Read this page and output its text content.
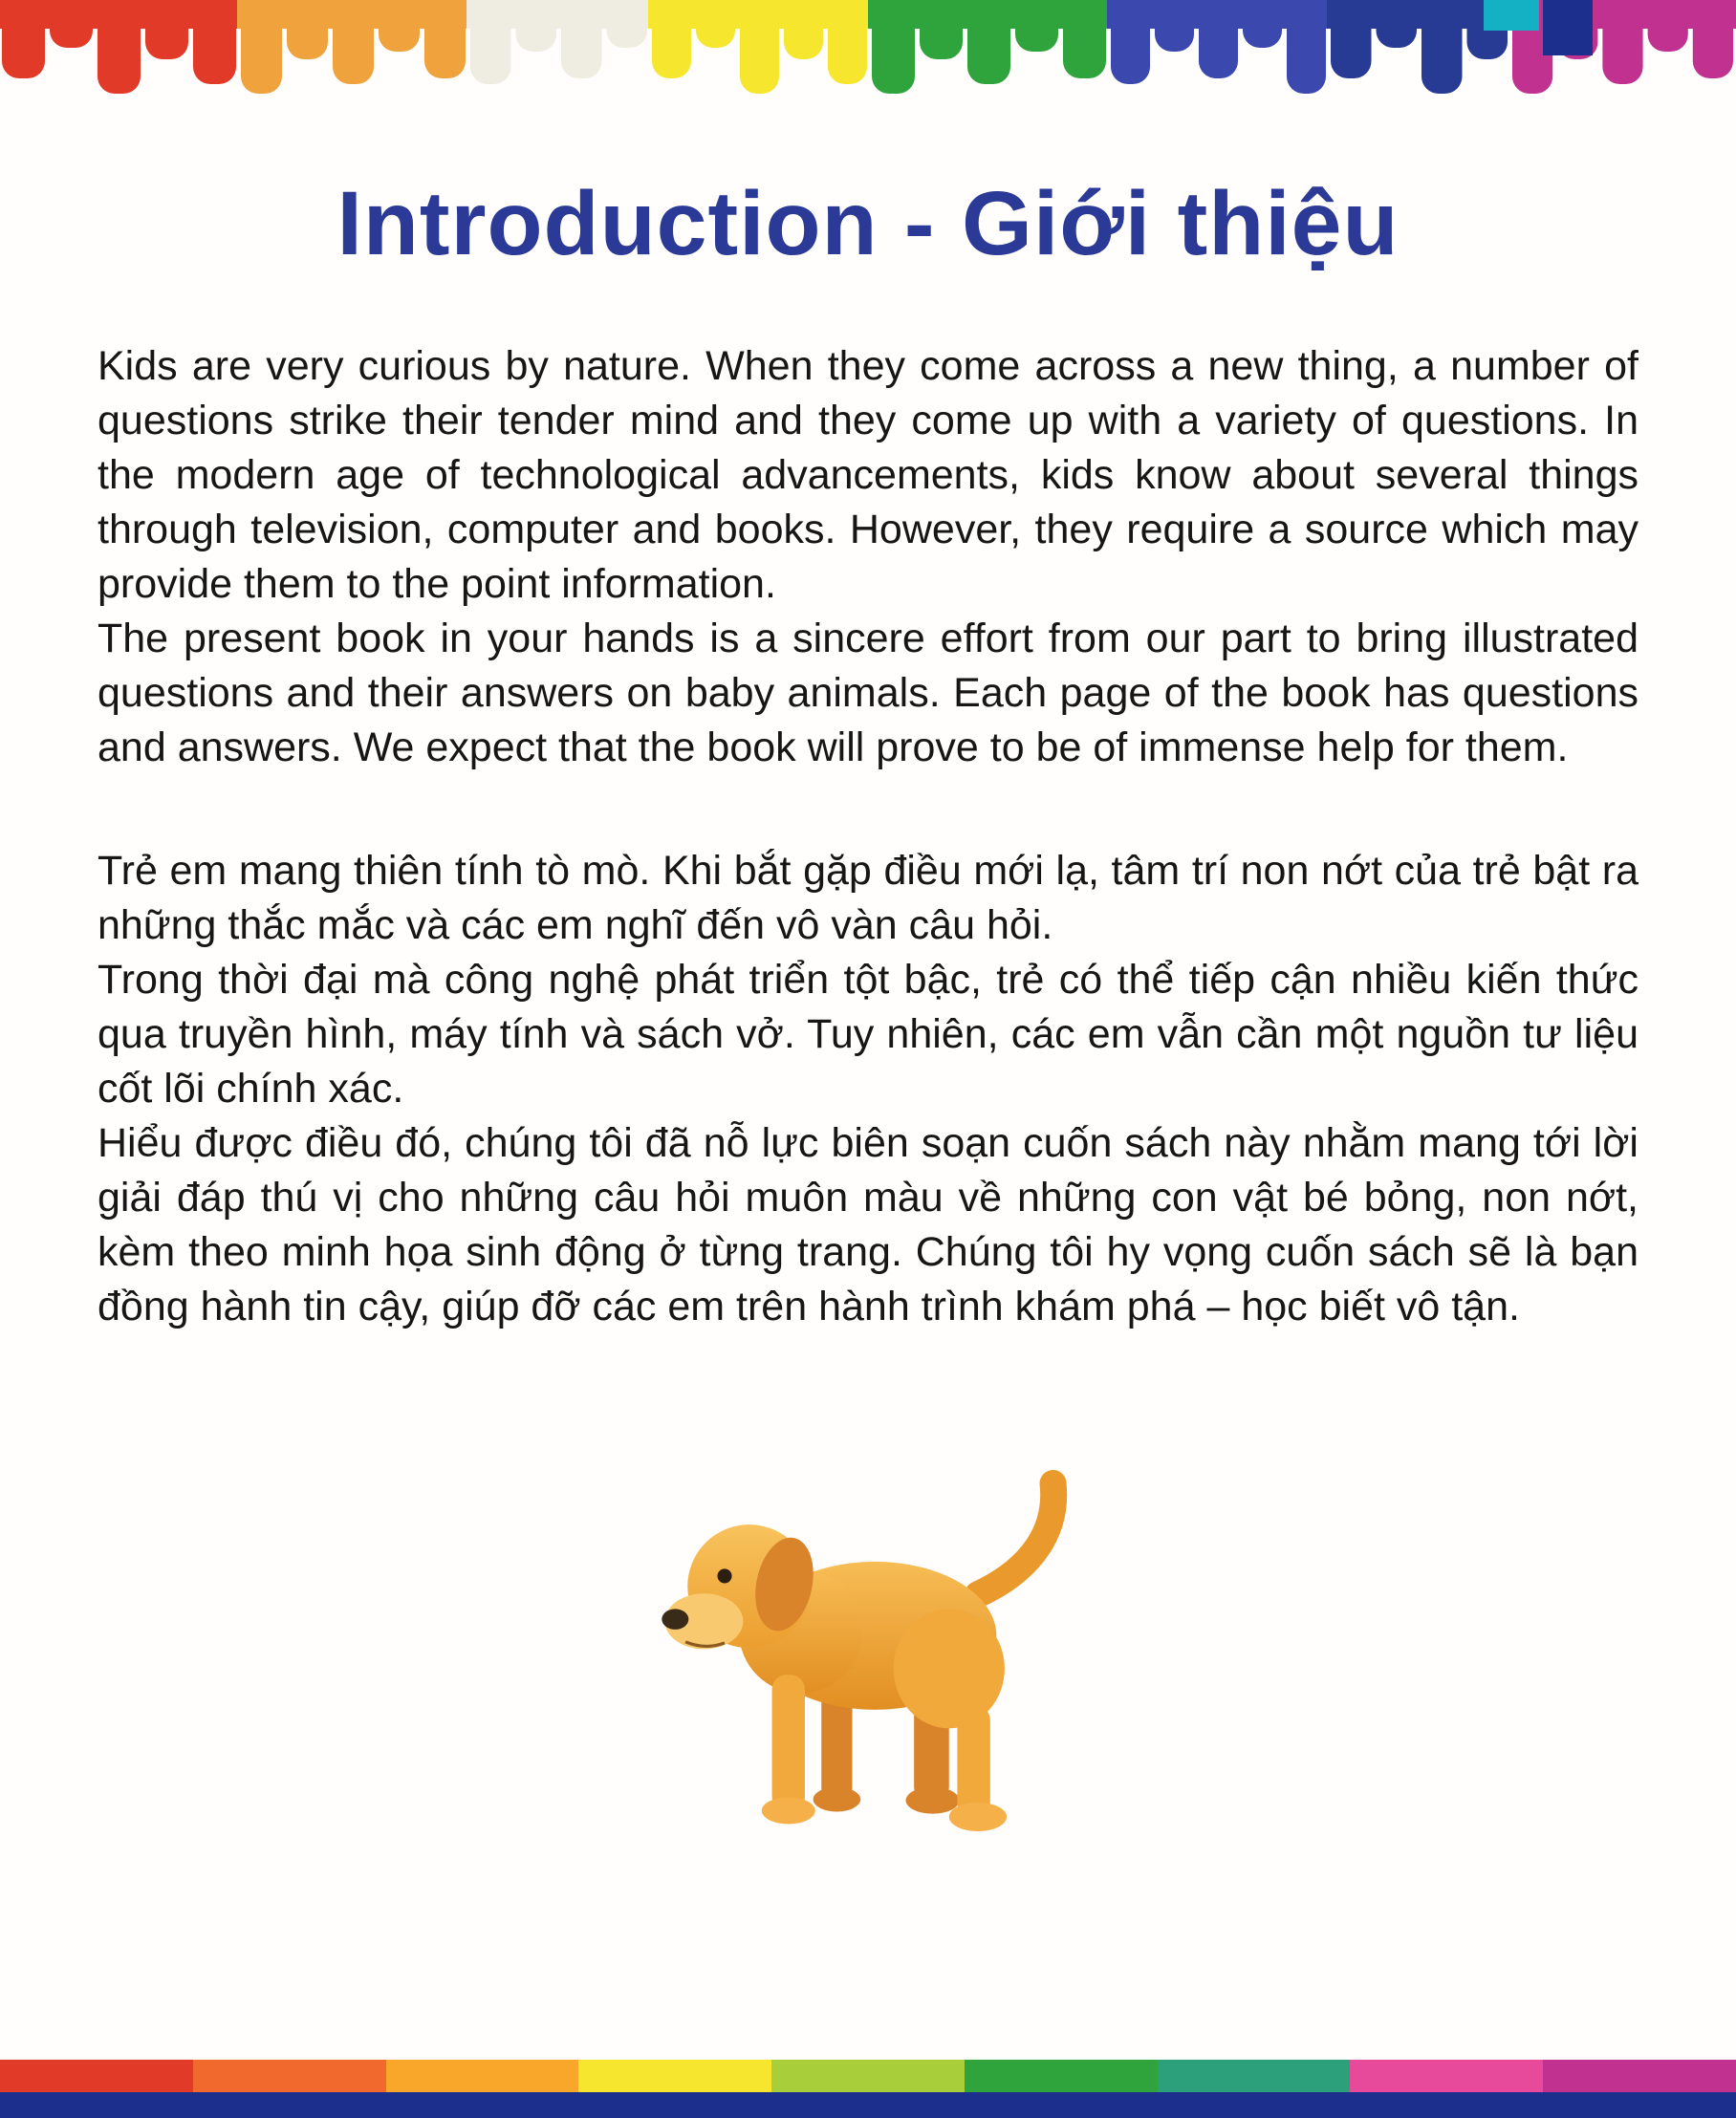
Introduction - Giới thiệu

Kids are very curious by nature. When they come across a new thing, a number of questions strike their tender mind and they come up with a variety of questions. In the modern age of technological advancements, kids know about several things through television, computer and books. However, they require a source which may provide them to the point information.

The present book in your hands is a sincere effort from our part to bring illustrated questions and their answers on baby animals. Each page of the book has questions and answers. We expect that the book will prove to be of immense help for them.

Trẻ em mang thiên tính tò mò. Khi bắt gặp điều mới lạ, tâm trí non nớt của trẻ bật ra những thắc mắc và các em nghĩ đến vô vàn câu hỏi.

Trong thời đại mà công nghệ phát triển tột bậc, trẻ có thể tiếp cận nhiều kiến thức qua truyền hình, máy tính và sách vở. Tuy nhiên, các em vẫn cần một nguồn tư liệu cốt lõi chính xác.

Hiểu được điều đó, chúng tôi đã nỗ lực biên soạn cuốn sách này nhằm mang tới lời giải đáp thú vị cho những câu hỏi muôn màu về những con vật bé bỏng, non nớt, kèm theo minh họa sinh động ở từng trang. Chúng tôi hy vọng cuốn sách sẽ là bạn đồng hành tin cậy, giúp đỡ các em trên hành trình khám phá – học biết vô tận.
